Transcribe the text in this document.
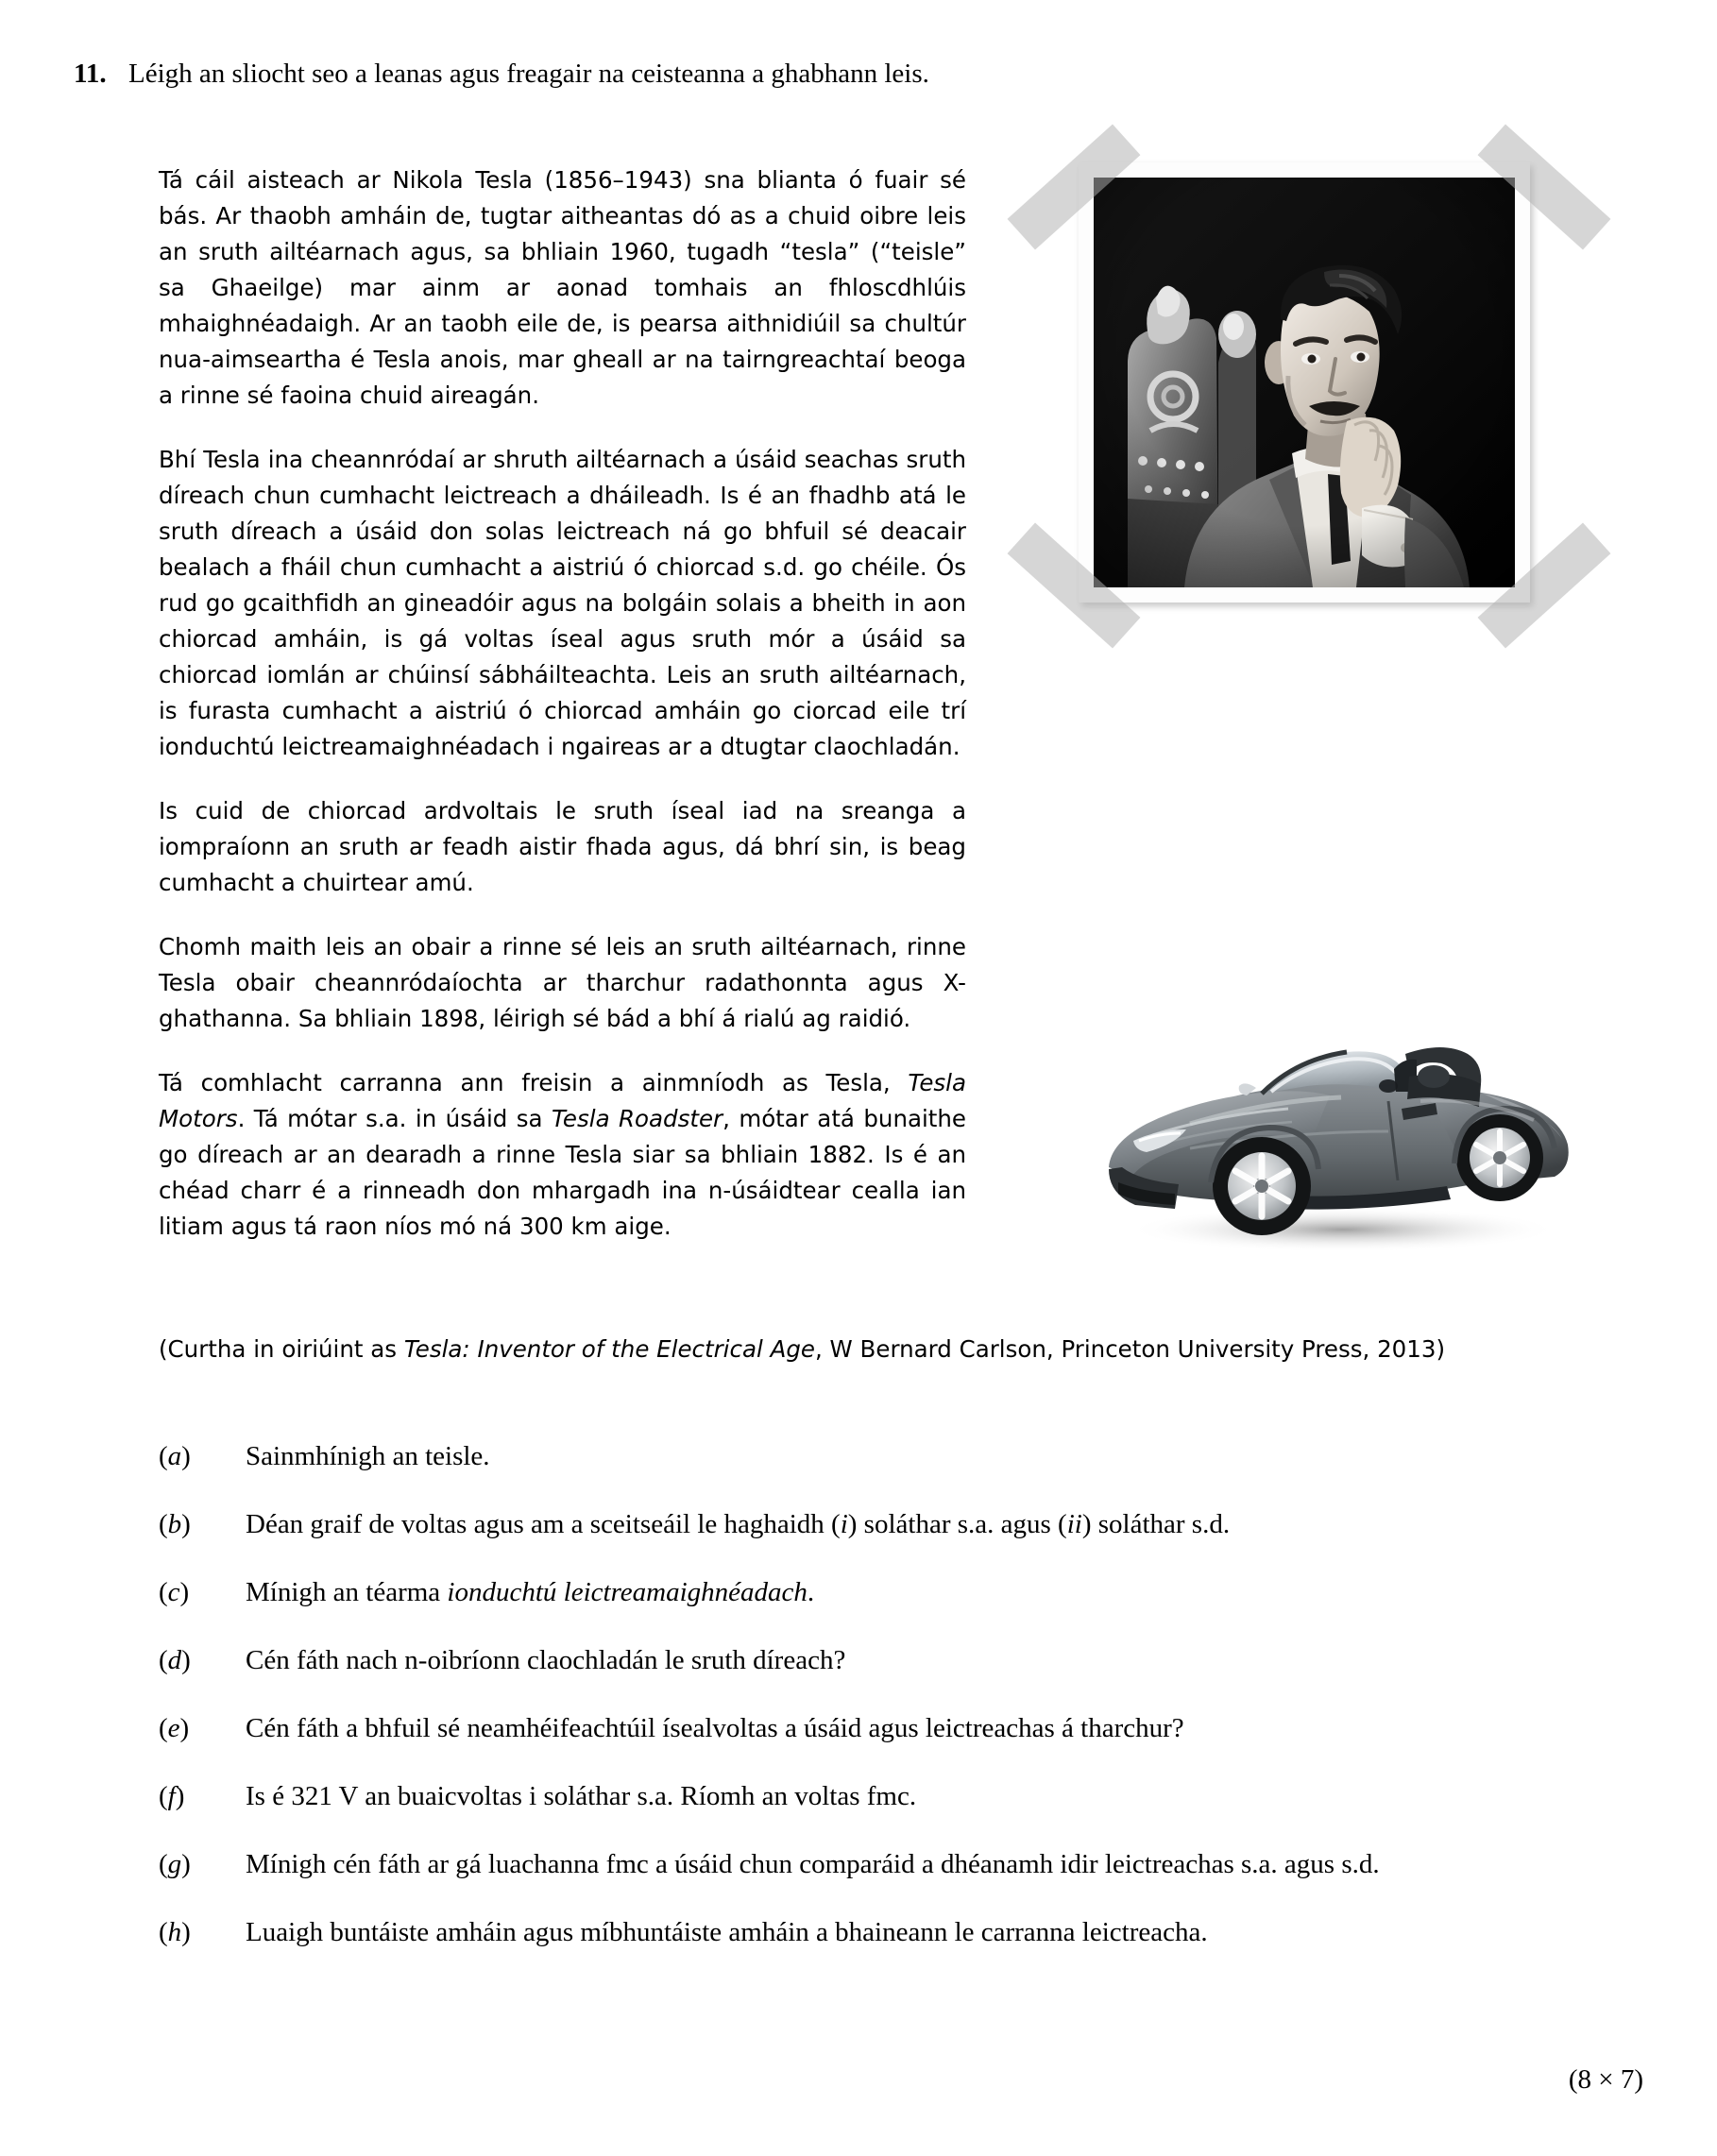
11. Léigh an sliocht seo a leanas agus freagair na ceisteanna a ghabhann leis.

Tá cáil aisteach ar Nikola Tesla (1856–1943) sna blianta ó fuair sé bás. Ar thaobh amháin de, tugtar aitheantas dó as a chuid oibre leis an sruth ailtéarnach agus, sa bhliain 1960, tugadh “tesla” (“teisle” sa Ghaeilge) mar ainm ar aonad tomhais an fhloscdhlúis mhaighnéadaigh. Ar an taobh eile de, is pearsa aithnidiúil sa chultúr nua-aimseartha é Tesla anois, mar gheall ar na tairngreachtaí beoga a rinne sé faoina chuid aireagán.

Bhí Tesla ina cheannródaí ar shruth ailtéarnach a úsáid seachas sruth díreach chun cumhacht leictreach a dháileadh. Is é an fhadhb atá le sruth díreach a úsáid don solas leictreach ná go bhfuil sé deacair bealach a fháil chun cumhacht a aistriú ó chiorcad s.d. go chéile. Ós rud go gcaithfidh an gineadóir agus na bolgáin solais a bheith in aon chiorcad amháin, is gá voltas íseal agus sruth mór a úsáid sa chiorcad iomlán ar chúinsí sábháilteachta. Leis an sruth ailtéarnach, is furasta cumhacht a aistriú ó chiorcad amháin go ciorcad eile trí ionduchtú leictreamaighnéadach i ngaireas ar a dtugtar claochladán.

Is cuid de chiorcad ardvoltais le sruth íseal iad na sreanga a iompraíonn an sruth ar feadh aistir fhada agus, dá bhrí sin, is beag cumhacht a chuirtear amú.

Chomh maith leis an obair a rinne sé leis an sruth ailtéarnach, rinne Tesla obair cheannródaíochta ar tharchur radathonnta agus X-ghathanna. Sa bhliain 1898, léirigh sé bád a bhí á rialú ag raidió.

Tá comhlacht carranna ann freisin a ainmníodh as Tesla, Tesla Motors. Tá mótar s.a. in úsáid sa Tesla Roadster, mótar atá bunaithe go díreach ar an dearadh a rinne Tesla siar sa bhliain 1882. Is é an chéad charr é a rinneadh don mhargadh ina n-úsáidtear cealla ian litiam agus tá raon níos mó ná 300 km aige.

(Curtha in oiriúint as Tesla: Inventor of the Electrical Age, W Bernard Carlson, Princeton University Press, 2013)
(a)	Sainmhínigh an teisle.
(b)	Déan graif de voltas agus am a sceitseáil le haghaidh (i) soláthar s.a. agus (ii) soláthar s.d.
(c)	Mínigh an téarma ionduchtú leictreamaighnéadach.
(d)	Cén fáth nach n-oibríonn claochladán le sruth díreach?
(e)	Cén fáth a bhfuil sé neamhéifeachtúil ísealvoltas a úsáid agus leictreachas á tharchur?
(f)	Is é 321 V an buaicvoltas i soláthar s.a. Ríomh an voltas fmc.
(g)	Mínigh cén fáth ar gá luachanna fmc a úsáid chun comparáid a dhéanamh idir leictreachas s.a. agus s.d.
(h)	Luaigh buntáiste amháin agus míbhuntáiste amháin a bhaineann le carranna leictreacha.
(8 × 7)
